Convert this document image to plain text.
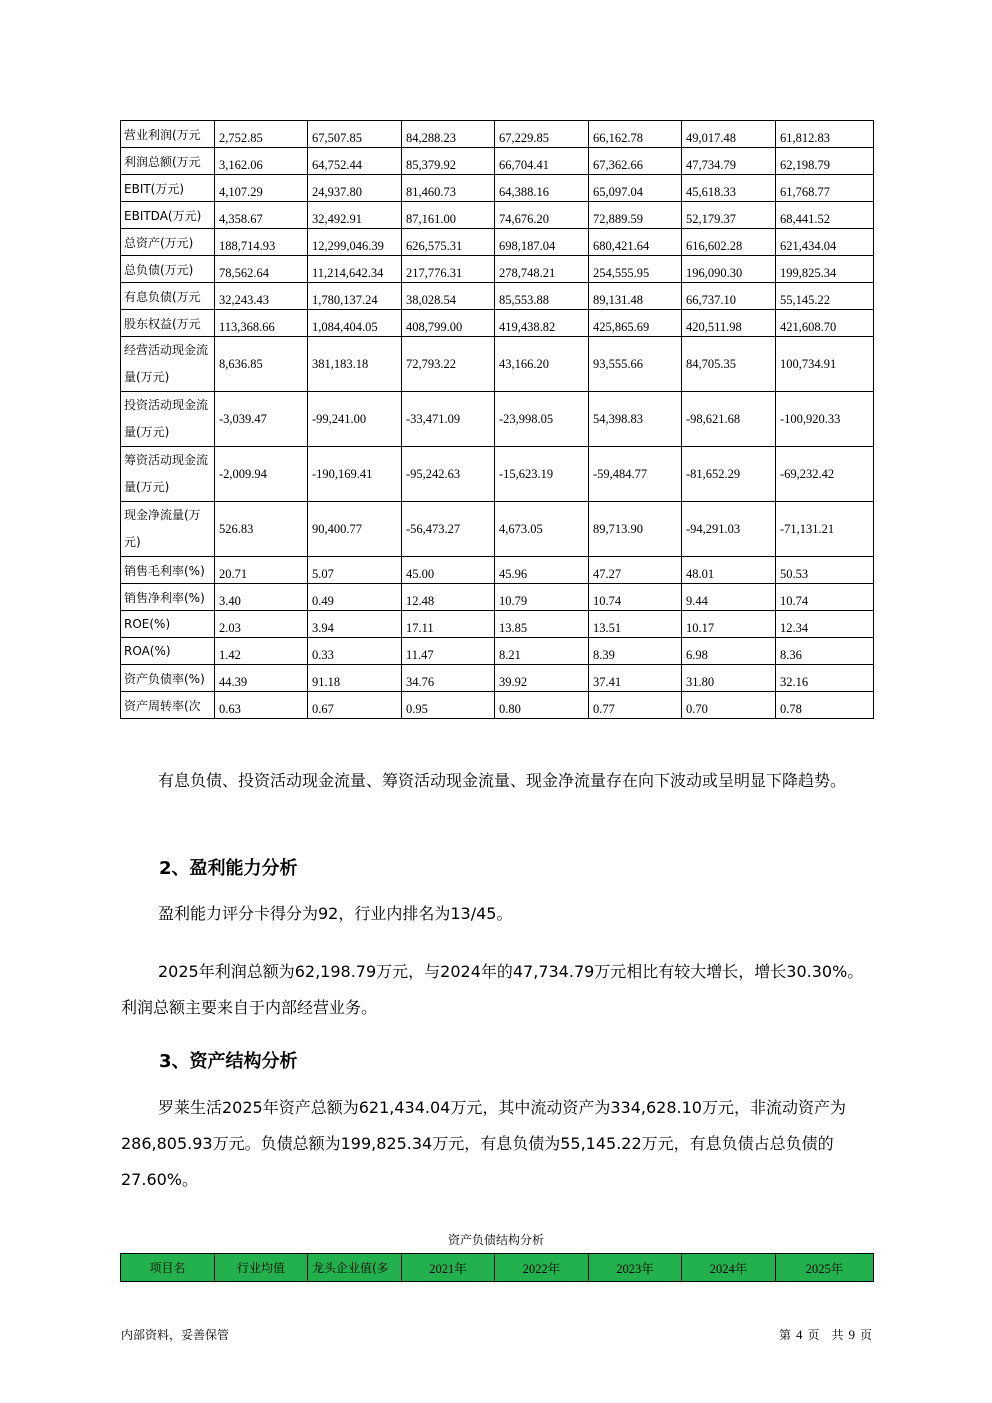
营业利润(万元	2,752.85	67,507.85	84,288.23	67,229.85	66,162.78	49,017.48	61,812.83
利润总额(万元	3,162.06	64,752.44	85,379.92	66,704.41	67,362.66	47,734.79	62,198.79
EBIT(万元)	4,107.29	24,937.80	81,460.73	64,388.16	65,097.04	45,618.33	61,768.77
EBITDA(万元)	4,358.67	32,492.91	87,161.00	74,676.20	72,889.59	52,179.37	68,441.52
总资产(万元)	188,714.93	12,299,046.39	626,575.31	698,187.04	680,421.64	616,602.28	621,434.04
总负债(万元)	78,562.64	11,214,642.34	217,776.31	278,748.21	254,555.95	196,090.30	199,825.34
有息负债(万元	32,243.43	1,780,137.24	38,028.54	85,553.88	89,131.48	66,737.10	55,145.22
股东权益(万元	113,368.66	1,084,404.05	408,799.00	419,438.82	425,865.69	420,511.98	421,608.70
经营活动现金流量(万元)	8,636.85	381,183.18	72,793.22	43,166.20	93,555.66	84,705.35	100,734.91
投资活动现金流量(万元)	-3,039.47	-99,241.00	-33,471.09	-23,998.05	54,398.83	-98,621.68	-100,920.33
筹资活动现金流量(万元)	-2,009.94	-190,169.41	-95,242.63	-15,623.19	-59,484.77	-81,652.29	-69,232.42
现金净流量(万元)	526.83	90,400.77	-56,473.27	4,673.05	89,713.90	-94,291.03	-71,131.21
销售毛利率(%)	20.71	5.07	45.00	45.96	47.27	48.01	50.53
销售净利率(%)	3.40	0.49	12.48	10.79	10.74	9.44	10.74
ROE(%)	2.03	3.94	17.11	13.85	13.51	10.17	12.34
ROA(%)	1.42	0.33	11.47	8.21	8.39	6.98	8.36
资产负债率(%)	44.39	91.18	34.76	39.92	37.41	31.80	32.16
资产周转率(次	0.63	0.67	0.95	0.80	0.77	0.70	0.78

有息负债、投资活动现金流量、筹资活动现金流量、现金净流量存在向下波动或呈明显下降趋势。

2、盈利能力分析

盈利能力评分卡得分为92，行业内排名为13/45。

2025年利润总额为62,198.79万元，与2024年的47,734.79万元相比有较大增长，增长30.30%。利润总额主要来自于内部经营业务。

3、资产结构分析

罗莱生活2025年资产总额为621,434.04万元，其中流动资产为334,628.10万元，非流动资产为286,805.93万元。负债总额为199,825.34万元，有息负债为55,145.22万元，有息负债占总负债的27.60%。

资产负债结构分析
项目名	行业均值	龙头企业值(多	2021年	2022年	2023年	2024年	2025年
内部资料，妥善保管	第 4 页　共 9 页
